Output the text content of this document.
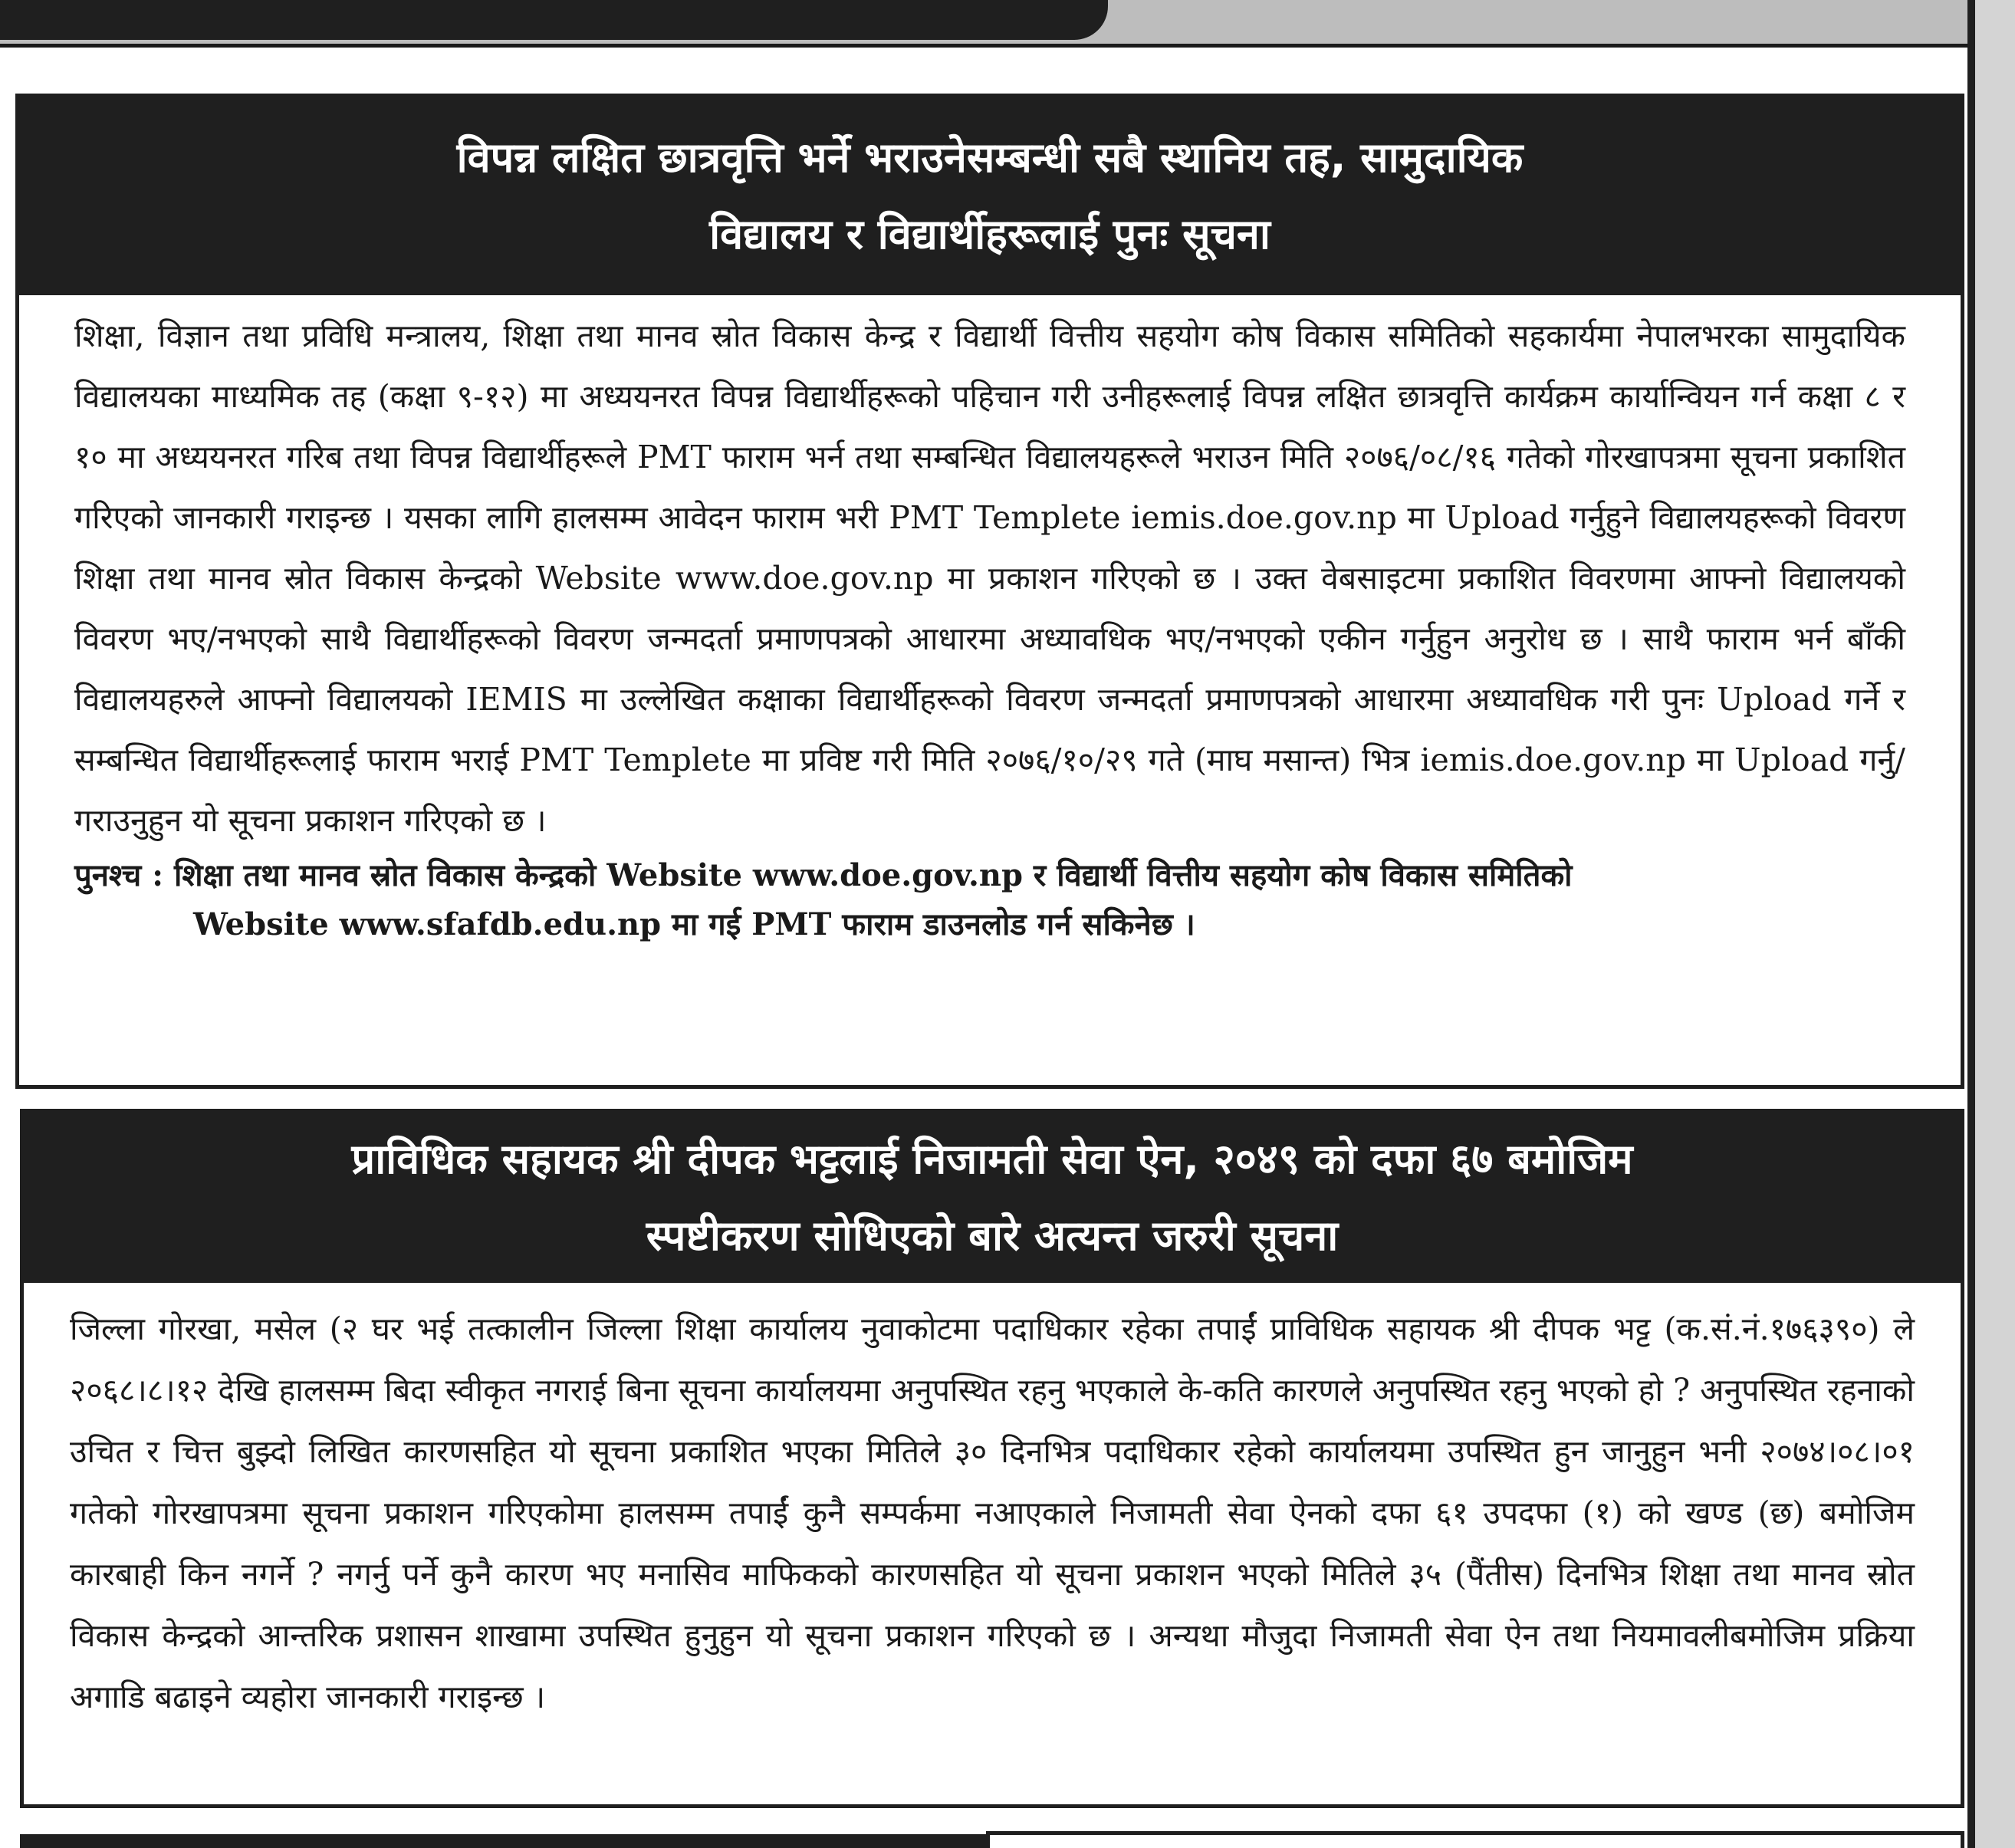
विपन्न लक्षित छात्रवृत्ति भर्ने भराउनेसम्बन्धी सबै स्थानिय तह, सामुदायिक
विद्यालय र विद्यार्थीहरूलाई पुनः सूचना

शिक्षा, विज्ञान तथा प्रविधि मन्त्रालय, शिक्षा तथा मानव स्रोत विकास केन्द्र र विद्यार्थी वित्तीय सहयोग कोष विकास समितिको सहकार्यमा नेपालभरका सामुदायिक विद्यालयका माध्यमिक तह (कक्षा ९-१२) मा अध्ययनरत विपन्न विद्यार्थीहरूको पहिचान गरी उनीहरूलाई विपन्न लक्षित छात्रवृत्ति कार्यक्रम कार्यान्वियन गर्न कक्षा ८ र १० मा अध्ययनरत गरिब तथा विपन्न विद्यार्थीहरूले PMT फाराम भर्न तथा सम्बन्धित विद्यालयहरूले भराउन मिति २०७६/०८/१६ गतेको गोरखापत्रमा सूचना प्रकाशित गरिएको जानकारी गराइन्छ । यसका लागि हालसम्म आवेदन फाराम भरी PMT Templete iemis.doe.gov.np मा Upload गर्नुहुने विद्यालयहरूको विवरण शिक्षा तथा मानव स्रोत विकास केन्द्रको Website www.doe.gov.np मा प्रकाशन गरिएको छ । उक्त वेबसाइटमा प्रकाशित विवरणमा आफ्नो विद्यालयको विवरण भए/नभएको साथै विद्यार्थीहरूको विवरण जन्मदर्ता प्रमाणपत्रको आधारमा अध्यावधिक भए/नभएको एकीन गर्नुहुन अनुरोध छ । साथै फाराम भर्न बाँकी विद्यालयहरुले आफ्नो विद्यालयको IEMIS मा उल्लेखित कक्षाका विद्यार्थीहरूको विवरण जन्मदर्ता प्रमाणपत्रको आधारमा अध्यावधिक गरी पुनः Upload गर्ने र सम्बन्धित विद्यार्थीहरूलाई फाराम भराई PMT Templete मा प्रविष्ट गरी मिति २०७६/१०/२९ गते (माघ मसान्त) भित्र iemis.doe.gov.np मा Upload गर्नु/गराउनुहुन यो सूचना प्रकाशन गरिएको छ ।

पुनश्च : शिक्षा तथा मानव स्रोत विकास केन्द्रको Website www.doe.gov.np र विद्यार्थी वित्तीय सहयोग कोष विकास समितिको
Website www.sfafdb.edu.np मा गई PMT फाराम डाउनलोड गर्न सकिनेछ ।

प्राविधिक सहायक श्री दीपक भट्टलाई निजामती सेवा ऐन, २०४९ को दफा ६७ बमोजिम
स्पष्टीकरण सोधिएको बारे अत्यन्त जरुरी सूचना

जिल्ला गोरखा, मसेल (२ घर भई तत्कालीन जिल्ला शिक्षा कार्यालय नुवाकोटमा पदाधिकार रहेका तपाईं प्राविधिक सहायक श्री दीपक भट्ट (क.सं.नं.१७६३९०) ले २०६८।८।१२ देखि हालसम्म बिदा स्वीकृत नगराई बिना सूचना कार्यालयमा अनुपस्थित रहनु भएकाले के-कति कारणले अनुपस्थित रहनु भएको हो ? अनुपस्थित रहनाको उचित र चित्त बुझ्दो लिखित कारणसहित यो सूचना प्रकाशित भएका मितिले ३० दिनभित्र पदाधिकार रहेको कार्यालयमा उपस्थित हुन जानुहुन भनी २०७४।०८।०१ गतेको गोरखापत्रमा सूचना प्रकाशन गरिएकोमा हालसम्म तपाईं कुनै सम्पर्कमा नआएकाले निजामती सेवा ऐनको दफा ६१ उपदफा (१) को खण्ड (छ) बमोजिम कारबाही किन नगर्ने ? नगर्नु पर्ने कुनै कारण भए मनासिव माफिकको कारणसहित यो सूचना प्रकाशन भएको मितिले ३५ (पैंतीस) दिनभित्र शिक्षा तथा मानव स्रोत विकास केन्द्रको आन्तरिक प्रशासन शाखामा उपस्थित हुनुहुन यो सूचना प्रकाशन गरिएको छ । अन्यथा मौजुदा निजामती सेवा ऐन तथा नियमावलीबमोजिम प्रक्रिया अगाडि बढाइने व्यहोरा जानकारी गराइन्छ ।
